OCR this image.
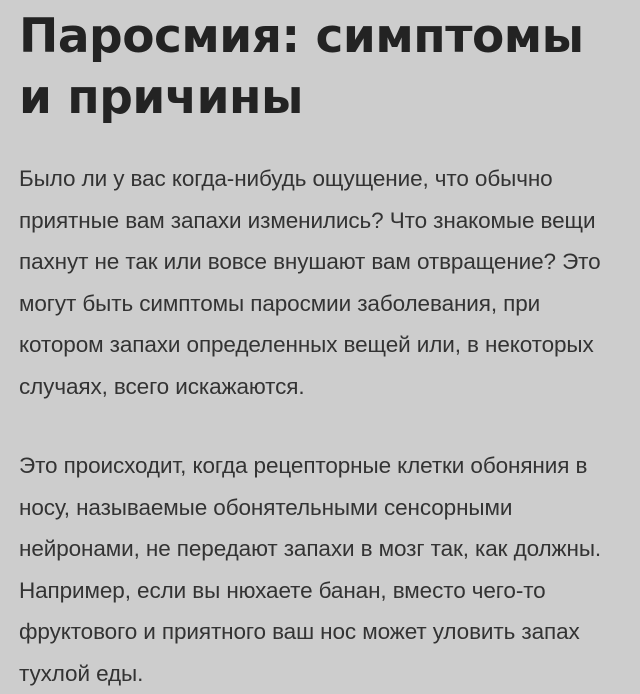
Паросмия: симптомы и причины

Было ли у вас когда-нибудь ощущение, что обычно приятные вам запахи изменились? Что знакомые вещи пахнут не так или вовсе внушают вам отвращение? Это могут быть симптомы паросмии заболевания, при котором запахи определенных вещей или, в некоторых случаях, всего искажаются.

Это происходит, когда рецепторные клетки обоняния в носу, называемые обонятельными сенсорными нейронами, не передают запахи в мозг так, как должны. Например, если вы нюхаете банан, вместо чего-то фруктового и приятного ваш нос может уловить запах тухлой еды.
